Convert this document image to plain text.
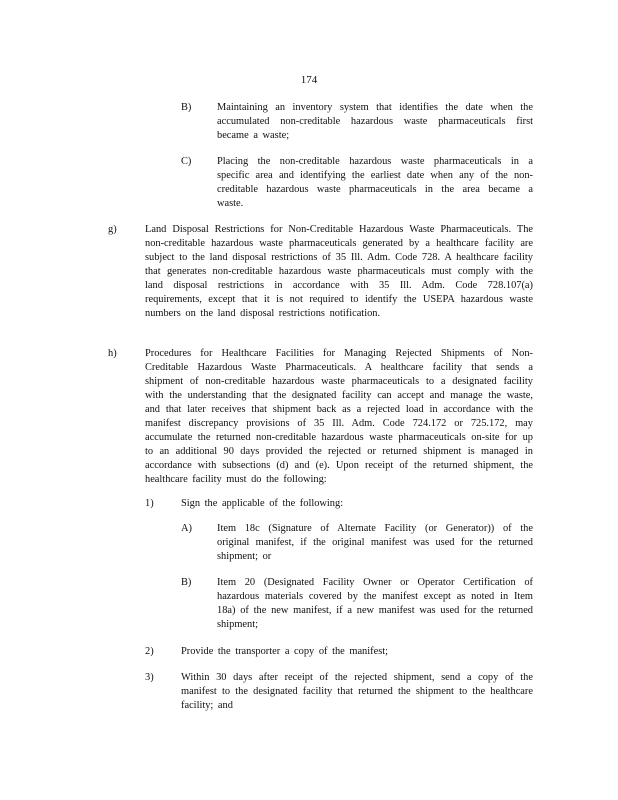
174
B) Maintaining an inventory system that identifies the date when the accumulated non-creditable hazardous waste pharmaceuticals first became a waste;
C) Placing the non-creditable hazardous waste pharmaceuticals in a specific area and identifying the earliest date when any of the non-creditable hazardous waste pharmaceuticals in the area became a waste.
g)	Land Disposal Restrictions for Non-Creditable Hazardous Waste Pharmaceuticals. The non-creditable hazardous waste pharmaceuticals generated by a healthcare facility are subject to the land disposal restrictions of 35 Ill. Adm. Code 728. A healthcare facility that generates non-creditable hazardous waste pharmaceuticals must comply with the land disposal restrictions in accordance with 35 Ill. Adm. Code 728.107(a) requirements, except that it is not required to identify the USEPA hazardous waste numbers on the land disposal restrictions notification.
h)	Procedures for Healthcare Facilities for Managing Rejected Shipments of Non-Creditable Hazardous Waste Pharmaceuticals. A healthcare facility that sends a shipment of non-creditable hazardous waste pharmaceuticals to a designated facility with the understanding that the designated facility can accept and manage the waste, and that later receives that shipment back as a rejected load in accordance with the manifest discrepancy provisions of 35 Ill. Adm. Code 724.172 or 725.172, may accumulate the returned non-creditable hazardous waste pharmaceuticals on-site for up to an additional 90 days provided the rejected or returned shipment is managed in accordance with subsections (d) and (e). Upon receipt of the returned shipment, the healthcare facility must do the following:
1)	Sign the applicable of the following:
A) Item 18c (Signature of Alternate Facility (or Generator)) of the original manifest, if the original manifest was used for the returned shipment; or
B) Item 20 (Designated Facility Owner or Operator Certification of hazardous materials covered by the manifest except as noted in Item 18a) of the new manifest, if a new manifest was used for the returned shipment;
2)	Provide the transporter a copy of the manifest;
3)	Within 30 days after receipt of the rejected shipment, send a copy of the manifest to the designated facility that returned the shipment to the healthcare facility; and
